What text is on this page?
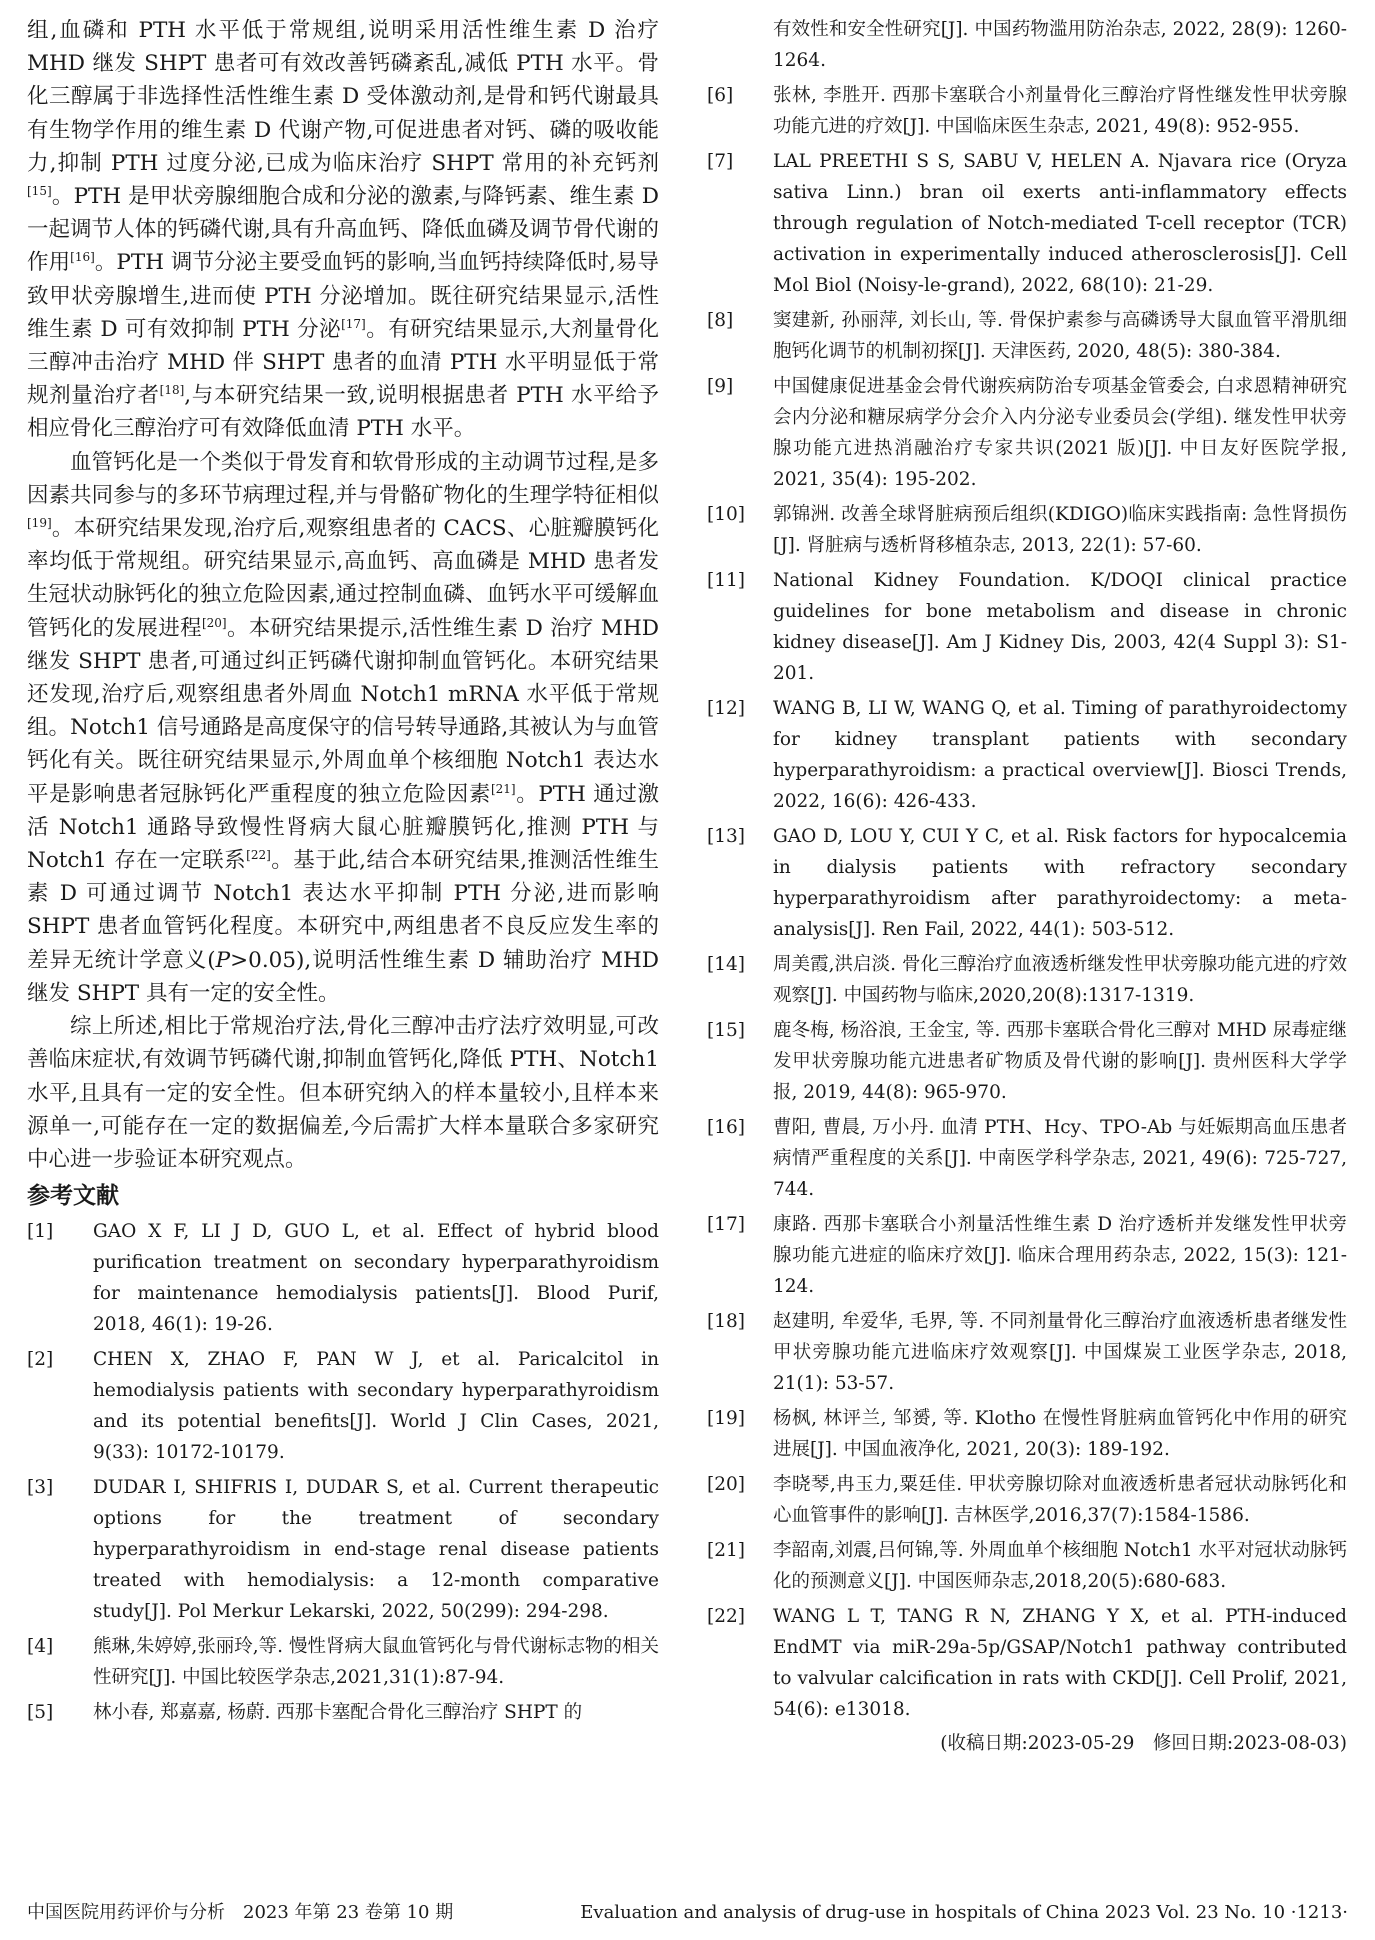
组,血磷和 PTH 水平低于常规组,说明采用活性维生素 D 治疗 MHD 继发 SHPT 患者可有效改善钙磷紊乱,减低 PTH 水平。骨化三醇属于非选择性活性维生素 D 受体激动剂,是骨和钙代谢最具有生物学作用的维生素 D 代谢产物,可促进患者对钙、磷的吸收能力,抑制 PTH 过度分泌,已成为临床治疗 SHPT 常用的补充钙剂[15]。PTH 是甲状旁腺细胞合成和分泌的激素,与降钙素、维生素 D 一起调节人体的钙磷代谢,具有升高血钙、降低血磷及调节骨代谢的作用[16]。PTH 调节分泌主要受血钙的影响,当血钙持续降低时,易导致甲状旁腺增生,进而使 PTH 分泌增加。既往研究结果显示,活性维生素 D 可有效抑制 PTH 分泌[17]。有研究结果显示,大剂量骨化三醇冲击治疗 MHD 伴 SHPT 患者的血清 PTH 水平明显低于常规剂量治疗者[18],与本研究结果一致,说明根据患者 PTH 水平给予相应骨化三醇治疗可有效降低血清 PTH 水平。

血管钙化是一个类似于骨发育和软骨形成的主动调节过程,是多因素共同参与的多环节病理过程,并与骨骼矿物化的生理学特征相似[19]。本研究结果发现,治疗后,观察组患者的 CACS、心脏瓣膜钙化率均低于常规组。研究结果显示,高血钙、高血磷是 MHD 患者发生冠状动脉钙化的独立危险因素,通过控制血磷、血钙水平可缓解血管钙化的发展进程[20]。本研究结果提示,活性维生素 D 治疗 MHD 继发 SHPT 患者,可通过纠正钙磷代谢抑制血管钙化。本研究结果还发现,治疗后,观察组患者外周血 Notch1 mRNA 水平低于常规组。Notch1 信号通路是高度保守的信号转导通路,其被认为与血管钙化有关。既往研究结果显示,外周血单个核细胞 Notch1 表达水平是影响患者冠脉钙化严重程度的独立危险因素[21]。PTH 通过激活 Notch1 通路导致慢性肾病大鼠心脏瓣膜钙化,推测 PTH 与 Notch1 存在一定联系[22]。基于此,结合本研究结果,推测活性维生素 D 可通过调节 Notch1 表达水平抑制 PTH 分泌,进而影响 SHPT 患者血管钙化程度。本研究中,两组患者不良反应发生率的差异无统计学意义(P>0.05),说明活性维生素 D 辅助治疗 MHD 继发 SHPT 具有一定的安全性。

综上所述,相比于常规治疗法,骨化三醇冲击疗法疗效明显,可改善临床症状,有效调节钙磷代谢,抑制血管钙化,降低 PTH、Notch1 水平,且具有一定的安全性。但本研究纳入的样本量较小,且样本来源单一,可能存在一定的数据偏差,今后需扩大样本量联合多家研究中心进一步验证本研究观点。

参考文献
[1]	GAO X F, LI J D, GUO L, et al. Effect of hybrid blood purification treatment on secondary hyperparathyroidism for maintenance hemodialysis patients[J]. Blood Purif, 2018, 46(1): 19-26.
[2]	CHEN X, ZHAO F, PAN W J, et al. Paricalcitol in hemodialysis patients with secondary hyperparathyroidism and its potential benefits[J]. World J Clin Cases, 2021, 9(33): 10172-10179.
[3]	DUDAR I, SHIFRIS I, DUDAR S, et al. Current therapeutic options for the treatment of secondary hyperparathyroidism in end-stage renal disease patients treated with hemodialysis: a 12-month comparative study[J]. Pol Merkur Lekarski, 2022, 50(299): 294-298.
[4]	熊琳,朱婷婷,张丽玲,等. 慢性肾病大鼠血管钙化与骨代谢标志物的相关性研究[J]. 中国比较医学杂志,2021,31(1):87-94.
[5]	林小春, 郑嘉嘉, 杨蔚. 西那卡塞配合骨化三醇治疗 SHPT 的
有效性和安全性研究[J]. 中国药物滥用防治杂志, 2022, 28(9): 1260-1264.
[6]	张林, 李胜开. 西那卡塞联合小剂量骨化三醇治疗肾性继发性甲状旁腺功能亢进的疗效[J]. 中国临床医生杂志, 2021, 49(8): 952-955.
[7]	LAL PREETHI S S, SABU V, HELEN A. Njavara rice (Oryza sativa Linn.) bran oil exerts anti-inflammatory effects through regulation of Notch-mediated T-cell receptor (TCR) activation in experimentally induced atherosclerosis[J]. Cell Mol Biol (Noisy-le-grand), 2022, 68(10): 21-29.
[8]	窦建新, 孙丽萍, 刘长山, 等. 骨保护素参与高磷诱导大鼠血管平滑肌细胞钙化调节的机制初探[J]. 天津医药, 2020, 48(5): 380-384.
[9]	中国健康促进基金会骨代谢疾病防治专项基金管委会, 白求恩精神研究会内分泌和糖尿病学分会介入内分泌专业委员会(学组). 继发性甲状旁腺功能亢进热消融治疗专家共识(2021 版)[J]. 中日友好医院学报, 2021, 35(4): 195-202.
[10]	郭锦洲. 改善全球肾脏病预后组织(KDIGO)临床实践指南: 急性肾损伤[J]. 肾脏病与透析肾移植杂志, 2013, 22(1): 57-60.
[11]	National Kidney Foundation. K/DOQI clinical practice guidelines for bone metabolism and disease in chronic kidney disease[J]. Am J Kidney Dis, 2003, 42(4 Suppl 3): S1-201.
[12]	WANG B, LI W, WANG Q, et al. Timing of parathyroidectomy for kidney transplant patients with secondary hyperparathyroidism: a practical overview[J]. Biosci Trends, 2022, 16(6): 426-433.
[13]	GAO D, LOU Y, CUI Y C, et al. Risk factors for hypocalcemia in dialysis patients with refractory secondary hyperparathyroidism after parathyroidectomy: a meta-analysis[J]. Ren Fail, 2022, 44(1): 503-512.
[14]	周美霞,洪启淡. 骨化三醇治疗血液透析继发性甲状旁腺功能亢进的疗效观察[J]. 中国药物与临床,2020,20(8):1317-1319.
[15]	鹿冬梅, 杨浴浪, 王金宝, 等. 西那卡塞联合骨化三醇对 MHD 尿毒症继发甲状旁腺功能亢进患者矿物质及骨代谢的影响[J]. 贵州医科大学学报, 2019, 44(8): 965-970.
[16]	曹阳, 曹晨, 万小丹. 血清 PTH、Hcy、TPO-Ab 与妊娠期高血压患者病情严重程度的关系[J]. 中南医学科学杂志, 2021, 49(6): 725-727, 744.
[17]	康路. 西那卡塞联合小剂量活性维生素 D 治疗透析并发继发性甲状旁腺功能亢进症的临床疗效[J]. 临床合理用药杂志, 2022, 15(3): 121-124.
[18]	赵建明, 牟爱华, 毛界, 等. 不同剂量骨化三醇治疗血液透析患者继发性甲状旁腺功能亢进临床疗效观察[J]. 中国煤炭工业医学杂志, 2018, 21(1): 53-57.
[19]	杨枫, 林评兰, 邹赟, 等. Klotho 在慢性肾脏病血管钙化中作用的研究进展[J]. 中国血液净化, 2021, 20(3): 189-192.
[20]	李晓琴,冉玉力,粟廷佳. 甲状旁腺切除对血液透析患者冠状动脉钙化和心血管事件的影响[J]. 吉林医学,2016,37(7):1584-1586.
[21]	李韶南,刘震,吕何锦,等. 外周血单个核细胞 Notch1 水平对冠状动脉钙化的预测意义[J]. 中国医师杂志,2018,20(5):680-683.
[22]	WANG L T, TANG R N, ZHANG Y X, et al. PTH-induced EndMT via miR-29a-5p/GSAP/Notch1 pathway contributed to valvular calcification in rats with CKD[J]. Cell Prolif, 2021, 54(6): e13018.
(收稿日期:2023-05-29　修回日期:2023-08-03)
中国医院用药评价与分析　2023 年第 23 卷第 10 期	Evaluation and analysis of drug-use in hospitals of China 2023 Vol. 23 No. 10 ·1213·
